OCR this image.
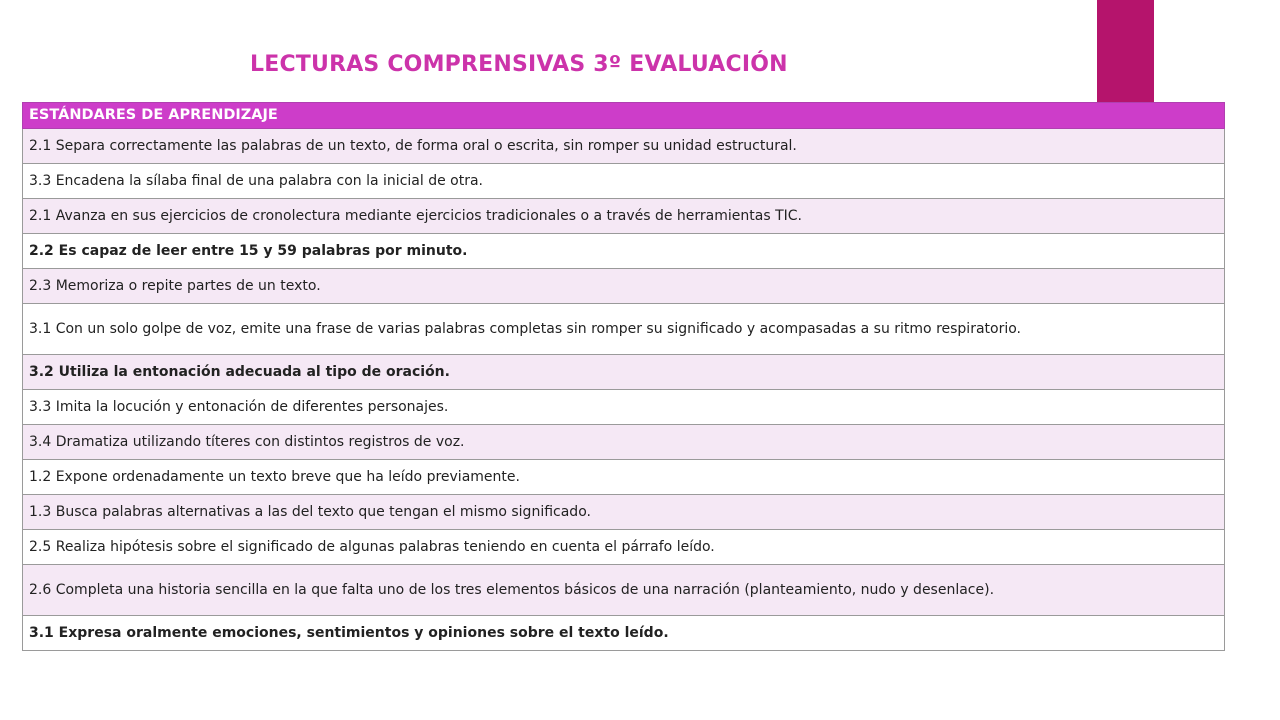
LECTURAS COMPRENSIVAS 3º EVALUACIÓN
ESTÁNDARES DE APRENDIZAJE
2.1 Separa correctamente las palabras de un texto, de forma oral o escrita, sin romper su unidad estructural.
3.3 Encadena la sílaba final de una palabra con la inicial de otra.
2.1 Avanza en sus ejercicios de cronolectura mediante ejercicios tradicionales o a través de herramientas TIC.
2.2 Es capaz de leer entre 15 y 59 palabras por minuto.
2.3 Memoriza o repite partes de un texto.
3.1 Con un solo golpe de voz, emite una frase de varias palabras completas sin romper su significado y acompasadas a su ritmo respiratorio.
3.2 Utiliza la entonación adecuada al tipo de oración.
3.3 Imita la locución y entonación de diferentes personajes.
3.4 Dramatiza utilizando títeres con distintos registros de voz.
1.2 Expone ordenadamente un texto breve que ha leído previamente.
1.3 Busca palabras alternativas a las del texto que tengan el mismo significado.
2.5 Realiza hipótesis sobre el significado de algunas palabras teniendo en cuenta el párrafo leído.
2.6 Completa una historia sencilla en la que falta uno de los tres elementos básicos de una narración (planteamiento, nudo y desenlace).
3.1 Expresa oralmente emociones, sentimientos y opiniones sobre el texto leído.
